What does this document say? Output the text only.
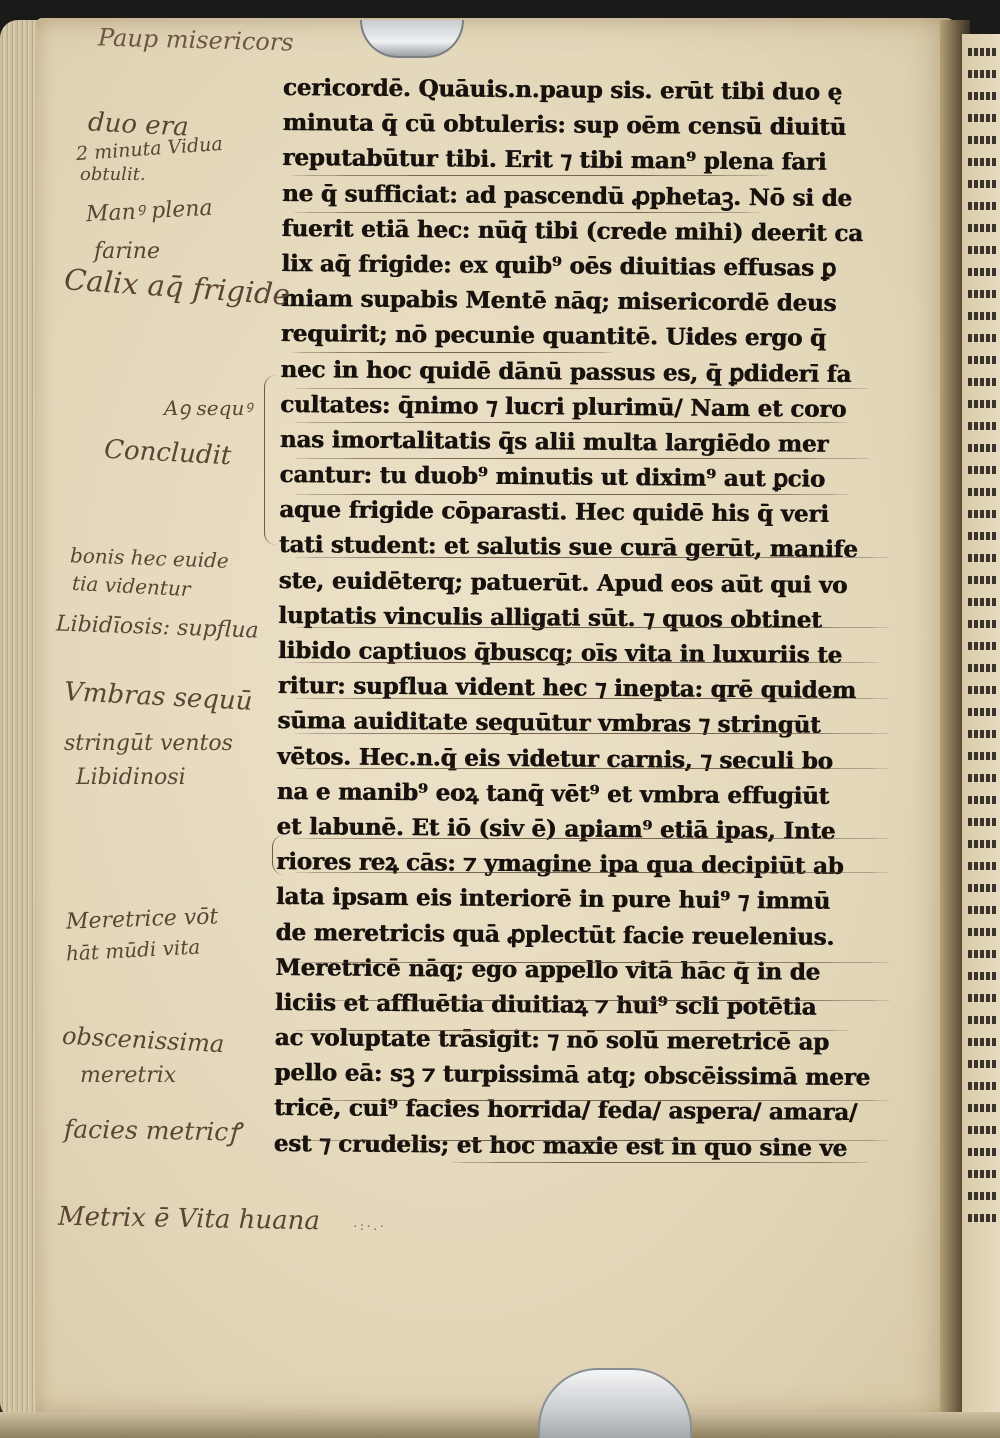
Paup misericors
cericordē. Quāuis.n.paup sis. erūt tibi duo ę
minuta q̄ cū obtuleris: sup oēm censū diuitū
reputabūtur tibi. Erit ⁊ tibi man⁹ plena fari
ne q̄ sufficiat: ad pascendū ꝓphetaꝫ. Nō si de
fuerit etiā hec: nūq̄ tibi (crede mihi) deerit ca
lix aq̄ frigide: ex quib⁹ oēs diuitias effusas ꝑ
miam supabis Mentē nāq; misericordē deus
requirit; nō pecunie quantitē. Uides ergo q̄
nec in hoc quidē dānū passus es, q̄ ꝑdiderī fa
cultates: q̄nimo ⁊ lucri plurimū/ Nam et coro
nas imortalitatis q̄s alii multa largiēdo mer
cantur: tu duob⁹ minutis ut dixim⁹ aut ꝑcio
aque frigide cōparasti. Hec quidē his q̄ veri
tati student: et salutis sue curā gerūt, manife
ste, euidēterq; patuerūt. Apud eos aūt qui vo
luptatis vinculis alligati sūt. ⁊ quos obtinet
libido captiuos q̄buscq; oīs vita in luxuriis te
ritur: supflua vident hec ⁊ inepta: qrē quidem
sūma auiditate sequūtur vmbras ⁊ stringūt
vētos. Hec.n.q̄ eis videtur carnis, ⁊ seculi bo
na e manib⁹ eoꝝ tanq̄ vēt⁹ et vmbra effugiūt
et labunē. Et iō (siv ē) apiam⁹ etiā ipas, Inte
riores reꝝ cās: ⁊ ymagine ipa qua decipiūt ab
lata ipsam eis interiorē in pure hui⁹ ⁊ immū
de meretricis quā ꝓplectūt facie reuelenius.
Meretricē nāq; ego appello vitā hāc q̄ in de
liciis et affluētia diuitiaꝝ ⁊ hui⁹ scli potētia
ac voluptate trāsigit: ⁊ nō solū meretricē ap
pello eā: sꝫ ⁊ turpissimā atq; obscēissimā mere
tricē, cui⁹ facies horrida/ feda/ aspera/ amara/
est ⁊ crudelis; et hoc maxie est in quo sine ve
duo era
2 minuta Vidua
obtulit.
Manꝰ plena
farine
Calix aq̄ frigide
Aꝯ sequꝰ
Concludit
bonis hec euide
tia videntur
Libidīosis: supflua
Vmbras sequū
stringūt ventos
Libidinosi
Meretrice vōt
hāt mūdi vita
obscenissima
meretrix
facies metricꝭ
Metrix ē Vita huana	·:·.·
